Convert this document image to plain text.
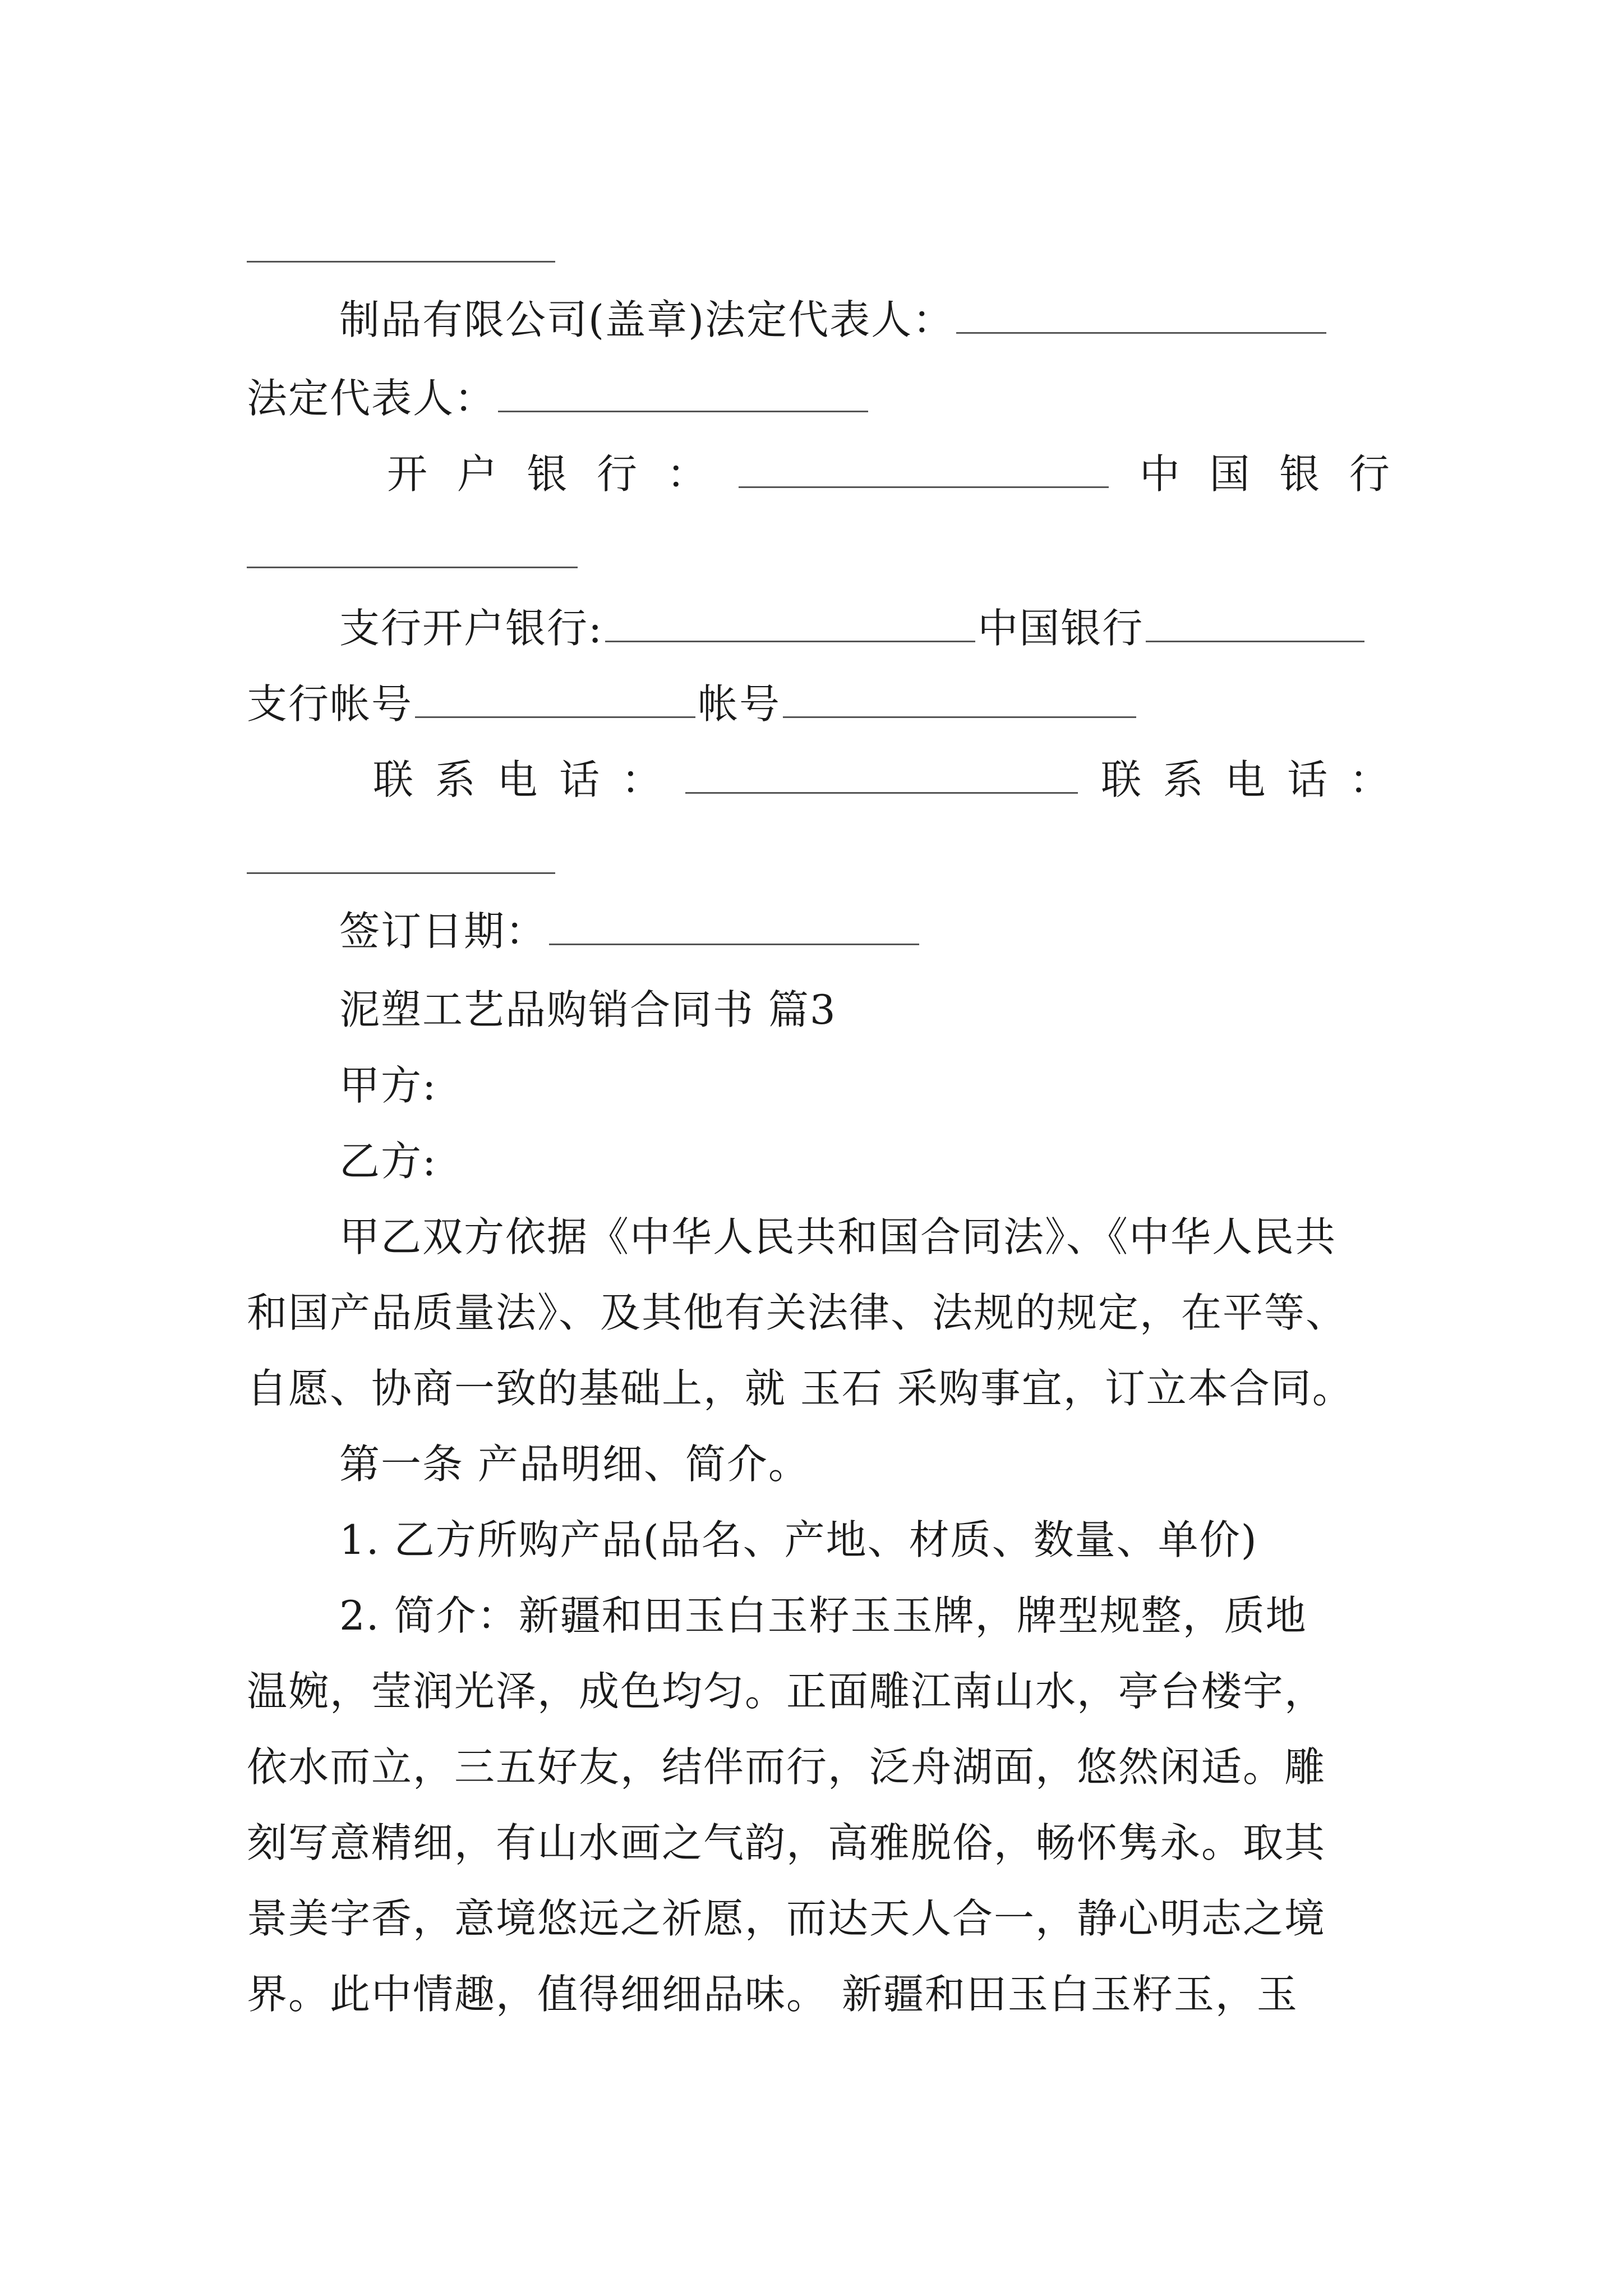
制品有限公司(盖章)法定代表人：
法定代表人：
开 户 银 行 ：	中 国 银 行
支行开户银行:	中国银行
支行帐号	帐号
联 系 电 话 ：	联 系 电 话 ：
签订日期：
泥塑工艺品购销合同书 篇3
甲方:
乙方:
甲乙双方依据《中华人民共和国合同法》、《中华人民共
和国产品质量法》、及其他有关法律、法规的规定，在平等、
自愿、协商一致的基础上，就 玉石 采购事宜，订立本合同。
第一条 产品明细、简介。
1. 乙方所购产品(品名、产地、材质、数量、单价)
2. 简介：新疆和田玉白玉籽玉玉牌，牌型规整，质地
温婉，莹润光泽，成色均匀。正面雕江南山水，亭台楼宇，
依水而立，三五好友，结伴而行，泛舟湖面，悠然闲适。雕
刻写意精细，有山水画之气韵，高雅脱俗，畅怀隽永。取其
景美字香，意境悠远之祈愿，而达天人合一，静心明志之境
界。此中情趣，值得细细品味。 新疆和田玉白玉籽玉，玉
